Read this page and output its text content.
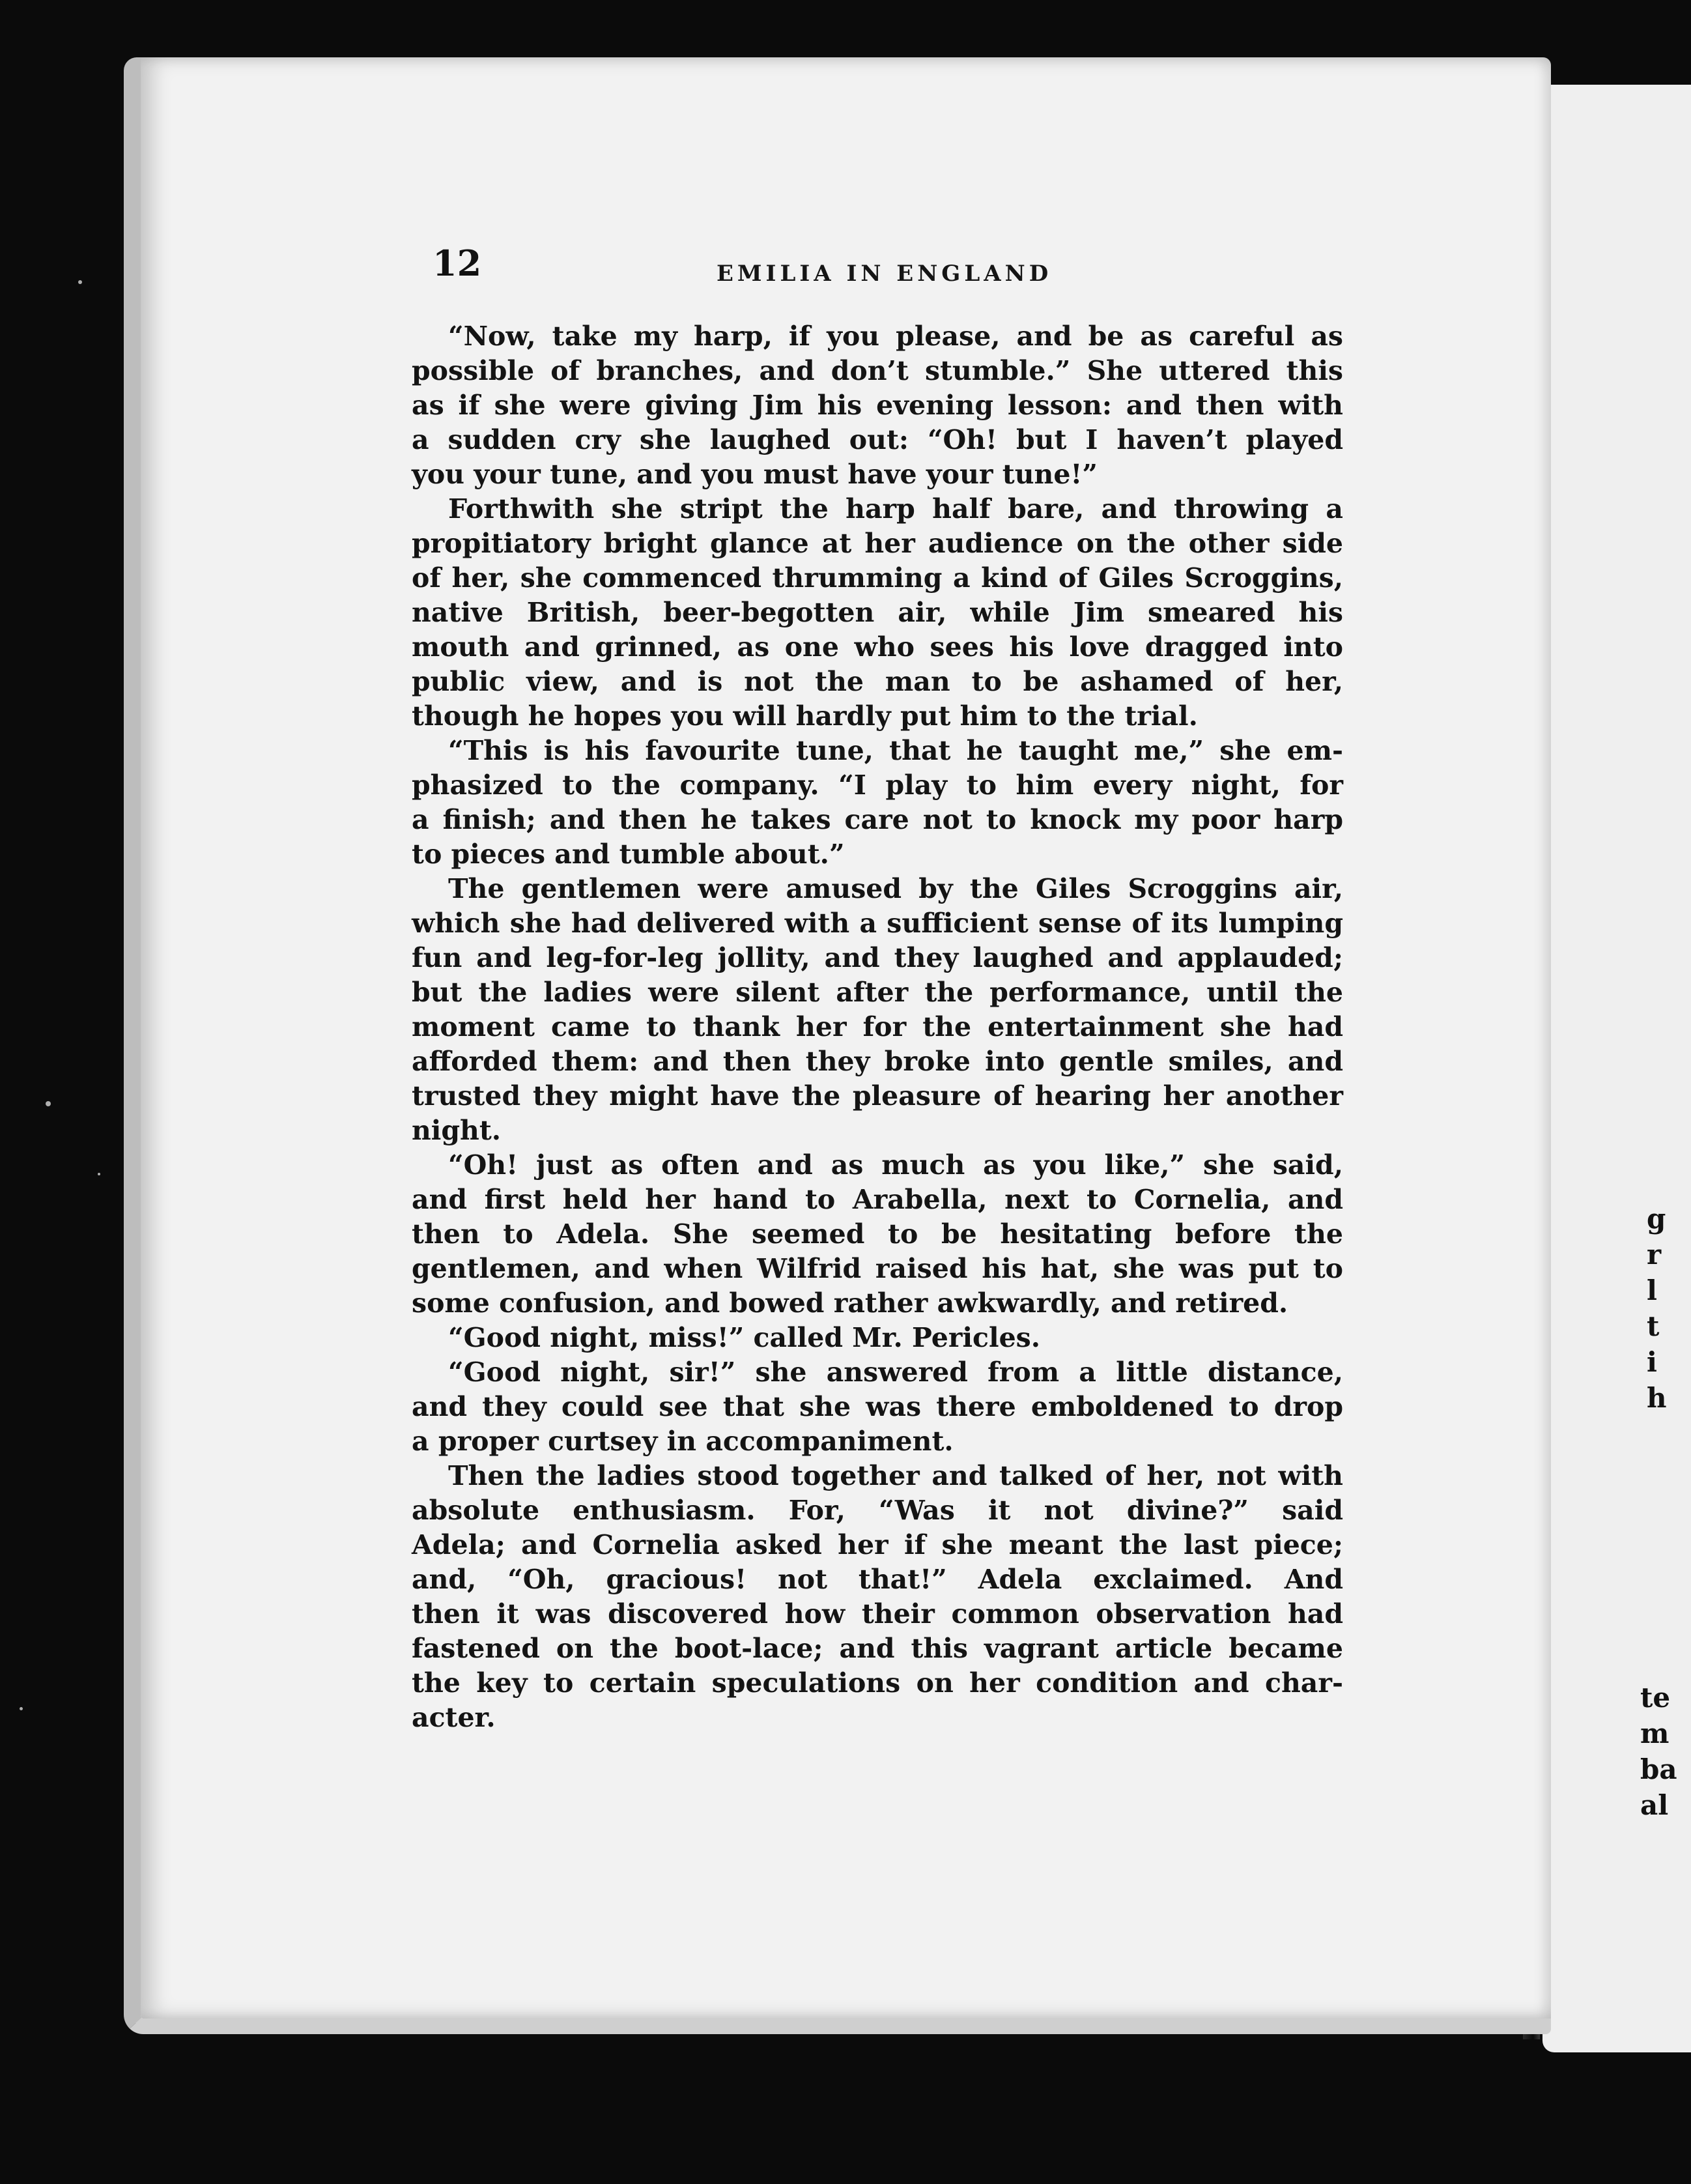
g
r
l
t
i
h
te
m
ba
al
12	EMILIA IN ENGLAND
“Now, take my harp, if you please, and be as careful as
possible of branches, and don’t stumble.” She uttered this
as if she were giving Jim his evening lesson: and then with
a sudden cry she laughed out: “Oh! but I haven’t played
you your tune, and you must have your tune!”
Forthwith she stript the harp half bare, and throwing a
propitiatory bright glance at her audience on the other side
of her, she commenced thrumming a kind of Giles Scroggins,
native British, beer-begotten air, while Jim smeared his
mouth and grinned, as one who sees his love dragged into
public view, and is not the man to be ashamed of her,
though he hopes you will hardly put him to the trial.
“This is his favourite tune, that he taught me,” she em-
phasized to the company. “I play to him every night, for
a finish; and then he takes care not to knock my poor harp
to pieces and tumble about.”
The gentlemen were amused by the Giles Scroggins air,
which she had delivered with a sufficient sense of its lumping
fun and leg-for-leg jollity, and they laughed and applauded;
but the ladies were silent after the performance, until the
moment came to thank her for the entertainment she had
afforded them: and then they broke into gentle smiles, and
trusted they might have the pleasure of hearing her another
night.
“Oh! just as often and as much as you like,” she said,
and first held her hand to Arabella, next to Cornelia, and
then to Adela. She seemed to be hesitating before the
gentlemen, and when Wilfrid raised his hat, she was put to
some confusion, and bowed rather awkwardly, and retired.
“Good night, miss!” called Mr. Pericles.
“Good night, sir!” she answered from a little distance,
and they could see that she was there emboldened to drop
a proper curtsey in accompaniment.
Then the ladies stood together and talked of her, not with
absolute enthusiasm. For, “Was it not divine?” said
Adela; and Cornelia asked her if she meant the last piece;
and, “Oh, gracious! not that!” Adela exclaimed. And
then it was discovered how their common observation had
fastened on the boot-lace; and this vagrant article became
the key to certain speculations on her condition and char-
acter.
